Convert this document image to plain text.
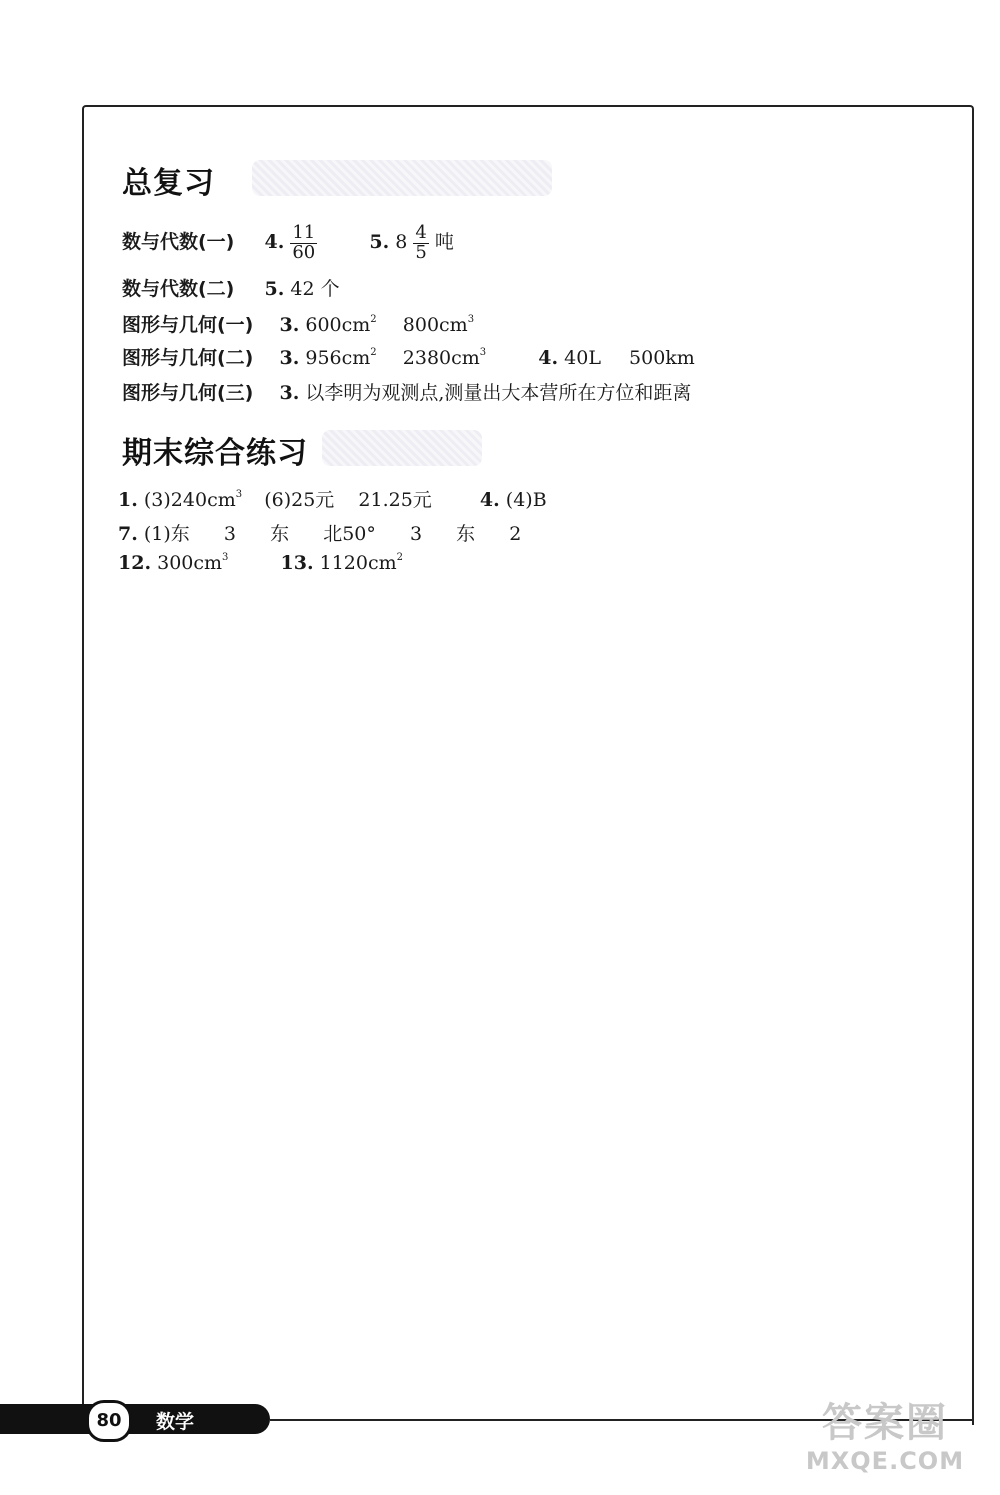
总复习
数与代数(一) 4. $\frac{11}{60}$	5. $8 \frac{4}{5}$ 吨
数与代数(二) 5. 42 个
图形与几何(一) 3. $600cm^2$ $800cm^3$
图形与几何(二) 3. $956cm^2$ $2380cm^3$	4. 40L 500km
图形与几何(三) 3. 以李明为观测点,测量出大本营所在方位和距离
期末综合练习
1. $(3)240cm^3$ (6)25元 21.25元	4. (4)B
7. (1)东 3 东 北50° 3 东 2
12. $300cm^3$	13. $1120cm^2$
80	数学	答案圈
MXQE.COM
